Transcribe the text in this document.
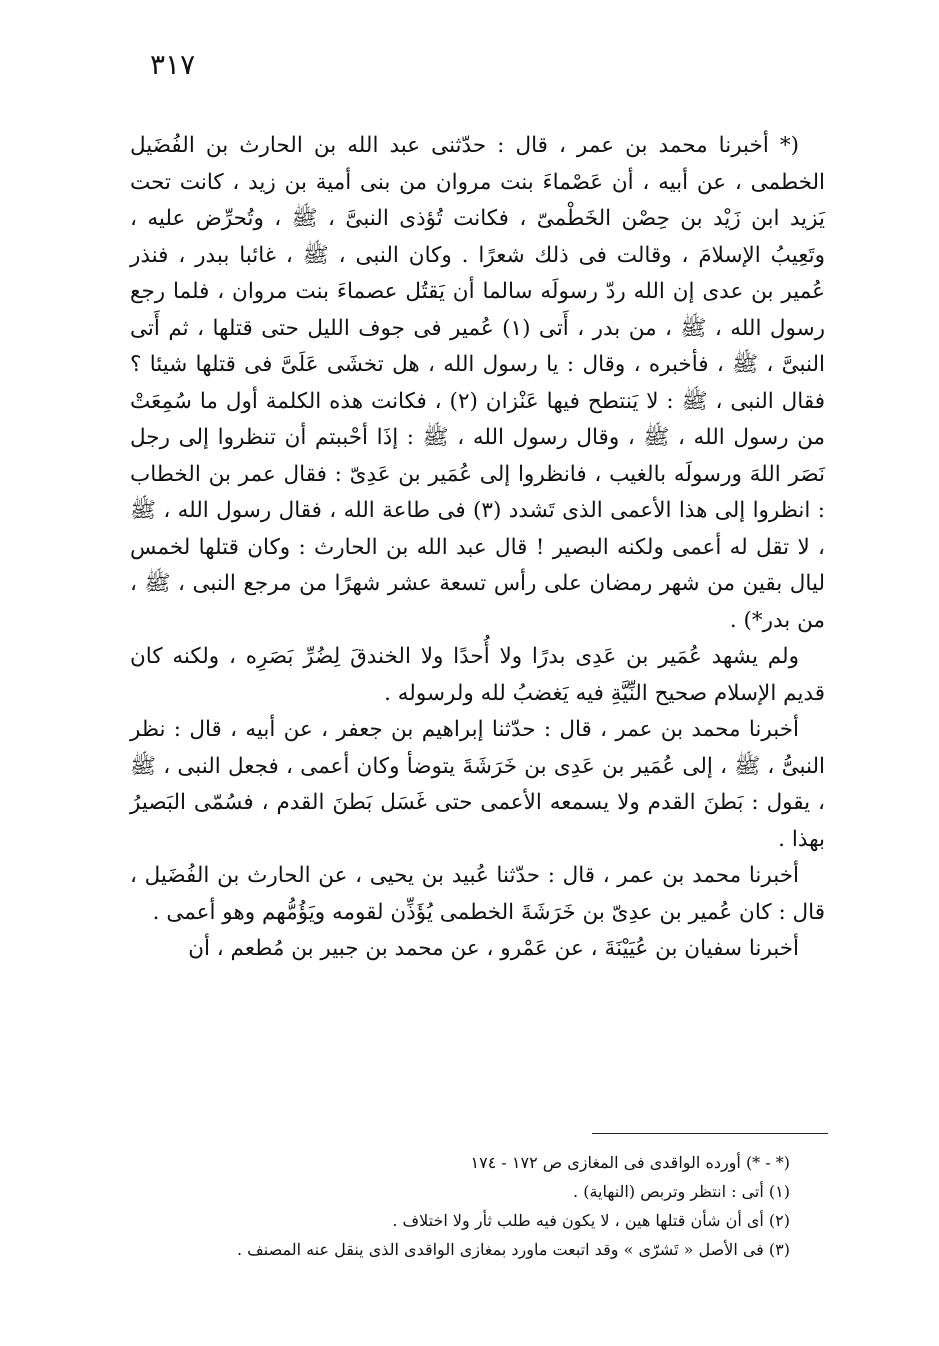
٣١٧

(* أخبرنا محمد بن عمر ، قال : حدّثنى عبد الله بن الحارث بن الفُضَيل الخطمى ، عن أبيه ، أن عَصْماءَ بنت مروان من بنى أمية بن زيد ، كانت تحت يَزيد ابن زَيْد بن حِصْن الخَطْمىّ ، فكانت تُؤذى النبىَّ ، ﷺ ، وتُحرِّض عليه ، وتَعِيبُ الإسلامَ ، وقالت فى ذلك شعرًا . وكان النبى ، ﷺ ، غائبا ببدر ، فنذر عُمير بن عدى إن الله ردّ رسولَه سالما أن يَقتُل عصماءَ بنت مروان ، فلما رجع رسول الله ، ﷺ ، من بدر ، أَتى (١) عُمير فى جوف الليل حتى قتلها ، ثم أَتى النبىَّ ، ﷺ ، فأخبره ، وقال : يا رسول الله ، هل تخشَى عَلَىَّ فى قتلها شيئا ؟ فقال النبى ، ﷺ : لا يَنتطح فيها عَنْزان (٢) ، فكانت هذه الكلمة أول ما سُمِعَتْ من رسول الله ، ﷺ ، وقال رسول الله ، ﷺ : إذَا أحْببتم أن تنظروا إلى رجل نَصَر اللهَ ورسولَه بالغيب ، فانظروا إلى عُمَير بن عَدِىّ : فقال عمر بن الخطاب : انظروا إلى هذا الأعمى الذى تَشدد (٣) فى طاعة الله ، فقال رسول الله ، ﷺ ، لا تقل له أعمى ولكنه البصير ! قال عبد الله بن الحارث : وكان قتلها لخمس ليال بقين من شهر رمضان على رأس تسعة عشر شهرًا من مرجع النبى ، ﷺ ، من بدر*) .

ولم يشهد عُمَير بن عَدِى بدرًا ولا أُحدًا ولا الخندقَ لِضُرِّ بَصَرِه ، ولكنه كان قديم الإسلام صحيح النِّيَّةِ فيه يَغضبُ لله ولرسوله .

أخبرنا محمد بن عمر ، قال : حدّثنا إبراهيم بن جعفر ، عن أبيه ، قال : نظر النبىُّ ، ﷺ ، إلى عُمَير بن عَدِى بن خَرَشَةَ يتوضأ وكان أعمى ، فجعل النبى ، ﷺ ، يقول : بَطنَ القدم ولا يسمعه الأعمى حتى غَسَل بَطنَ القدم ، فسُمّى البَصيرُ بهذا .

أخبرنا محمد بن عمر ، قال : حدّثنا عُبيد بن يحيى ، عن الحارث بن الفُضَيل ، قال : كان عُمير بن عدِىّ بن خَرَشَةَ الخطمى يُؤَذِّن لقومه ويَؤُمُّهم وهو أعمى .

أخبرنا سفيان بن عُيَيْنَةَ ، عن عَمْرو ، عن محمد بن جبير بن مُطعم ، أن

(* - *) أورده الواقدى فى المغازى ص ١٧٢ - ١٧٤
(١) أتى : انتظر وتربص (النهاية) .
(٢) أى أن شأن قتلها هين ، لا يكون فيه طلب ثأر ولا اختلاف .
(٣) فى الأصل « تَشرّى » وقد اتبعت ماورد بمغازى الواقدى الذى ينقل عنه المصنف .
